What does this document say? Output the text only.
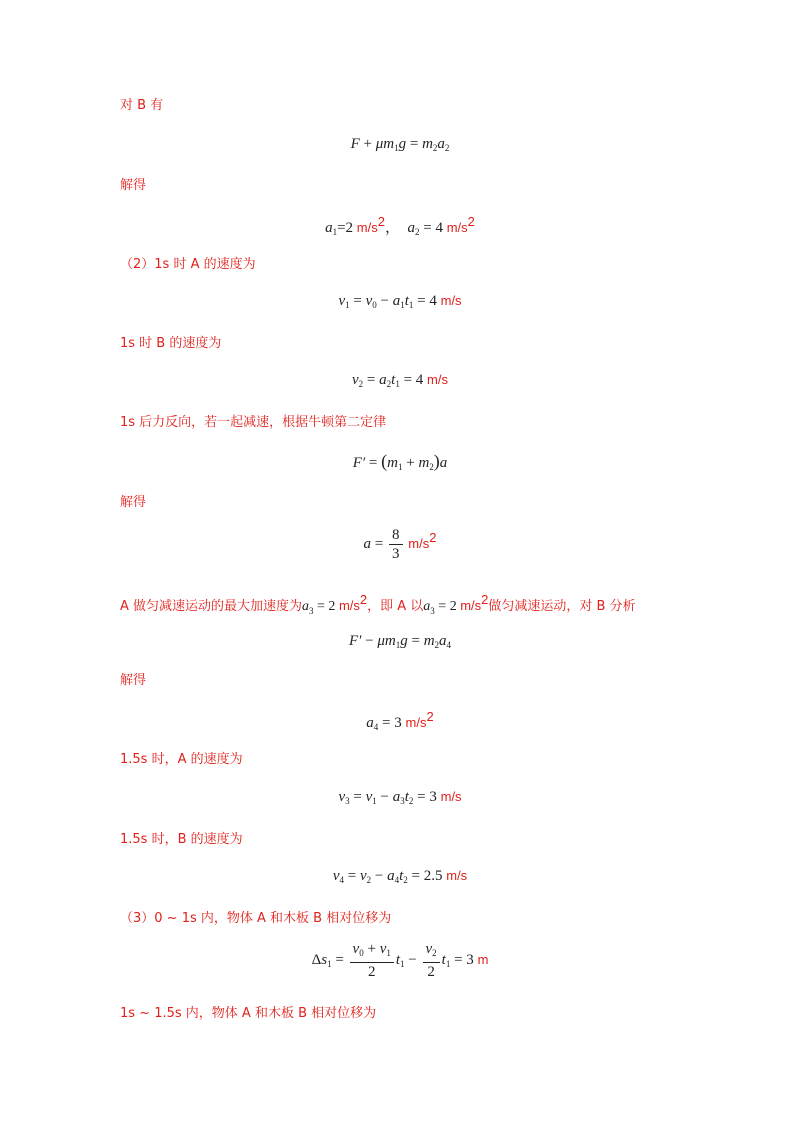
对 B 有
$F + \mu m_1g = m_2a_2$
解得
$a_1=2$ $m/s^2$，  $a_2 = 4$ $m/s^2$
（2）1s 时 A 的速度为
$v_1 = v_0 - a_1t_1 = 4$ m/s
1s 时 B 的速度为
$v_2 = a_2t_1 = 4$ m/s
1s 后力反向，若一起减速，根据牛顿第二定律
$F' = (m_1 + m_2)a$
解得
$a = \frac{8}{3} m/s^2$
A 做匀减速运动的最大加速度为$a_3 = 2$ $m/s^2$，即 A 以$a_3 = 2$ $m/s^2$做匀减速运动，对 B 分析
$F' - \mu m_1g = m_2a_4$
解得
$a_4 = 3$ $m/s^2$
1.5s 时，A 的速度为
$v_3 = v_1 - a_3t_2 = 3$ m/s
1.5s 时，B 的速度为
$v_4 = v_2 - a_4t_2 = 2.5$ m/s
（3）0 ~ 1s 内，物体 A 和木板 B 相对位移为
$\Delta s_1 = \frac{v_0 + v_1}{2} t_1 - \frac{v_2}{2} t_1 = 3$ m
1s ~ 1.5s 内，物体 A 和木板 B 相对位移为
